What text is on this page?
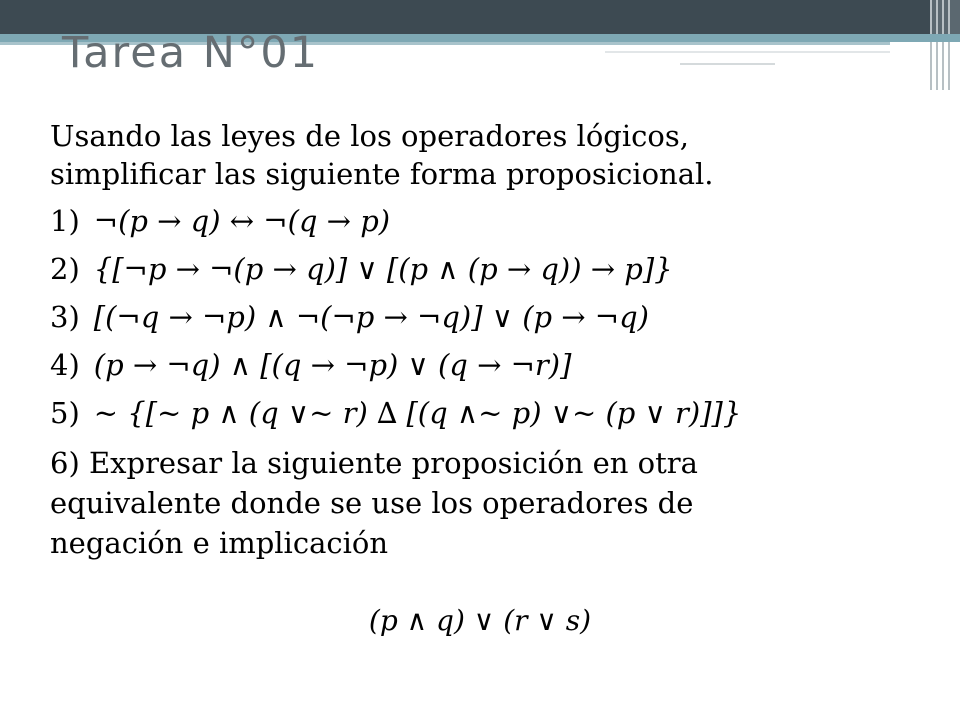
Tarea N°01

Usando las leyes de los operadores lógicos,

simplificar las siguiente forma proposicional.

1) ¬(p → q) ↔ ¬(q → p)
2) {[¬p → ¬(p → q)] ∨ [(p ∧ (p → q)) → p]}
3) [(¬q → ¬p) ∧ ¬(¬p → ¬q)] ∨ (p → ¬q)
4) (p → ¬q) ∧ [(q → ¬p) ∨ (q → ¬r)]
5) ~ {[~ p ∧ (q ∨~ r) ∆ [(q ∧~ p) ∨~ (p ∨ r)]]}

6) Expresar la siguiente proposición en otra

equivalente donde se use los operadores de

negación e implicación

(p ∧ q) ∨ (r ∨ s)
